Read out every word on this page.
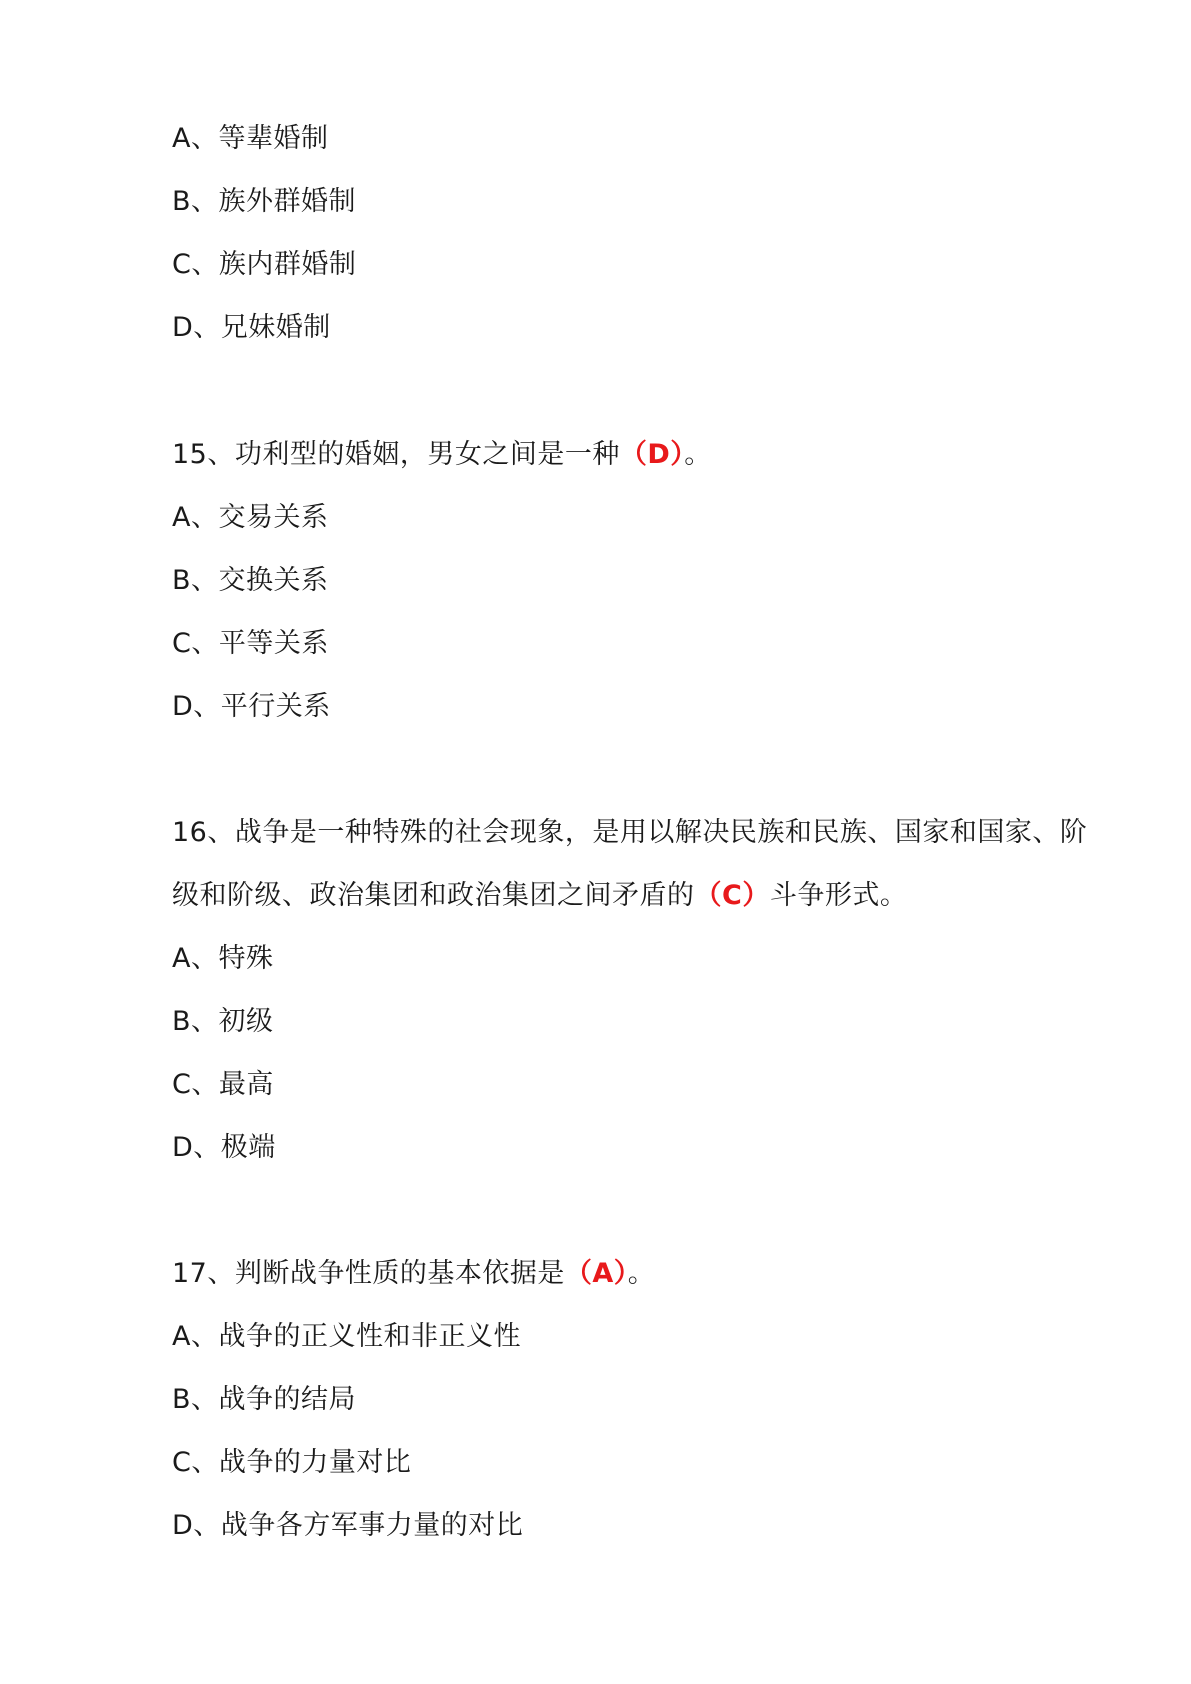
A、等辈婚制
B、族外群婚制
C、族内群婚制
D、兄妹婚制
15、功利型的婚姻，男女之间是一种（D）。
A、交易关系
B、交换关系
C、平等关系
D、平行关系
16、战争是一种特殊的社会现象，是用以解决民族和民族、国家和国家、阶
级和阶级、政治集团和政治集团之间矛盾的（C）斗争形式。
A、特殊
B、初级
C、最高
D、极端
17、判断战争性质的基本依据是（A）。
A、战争的正义性和非正义性
B、战争的结局
C、战争的力量对比
D、战争各方军事力量的对比
